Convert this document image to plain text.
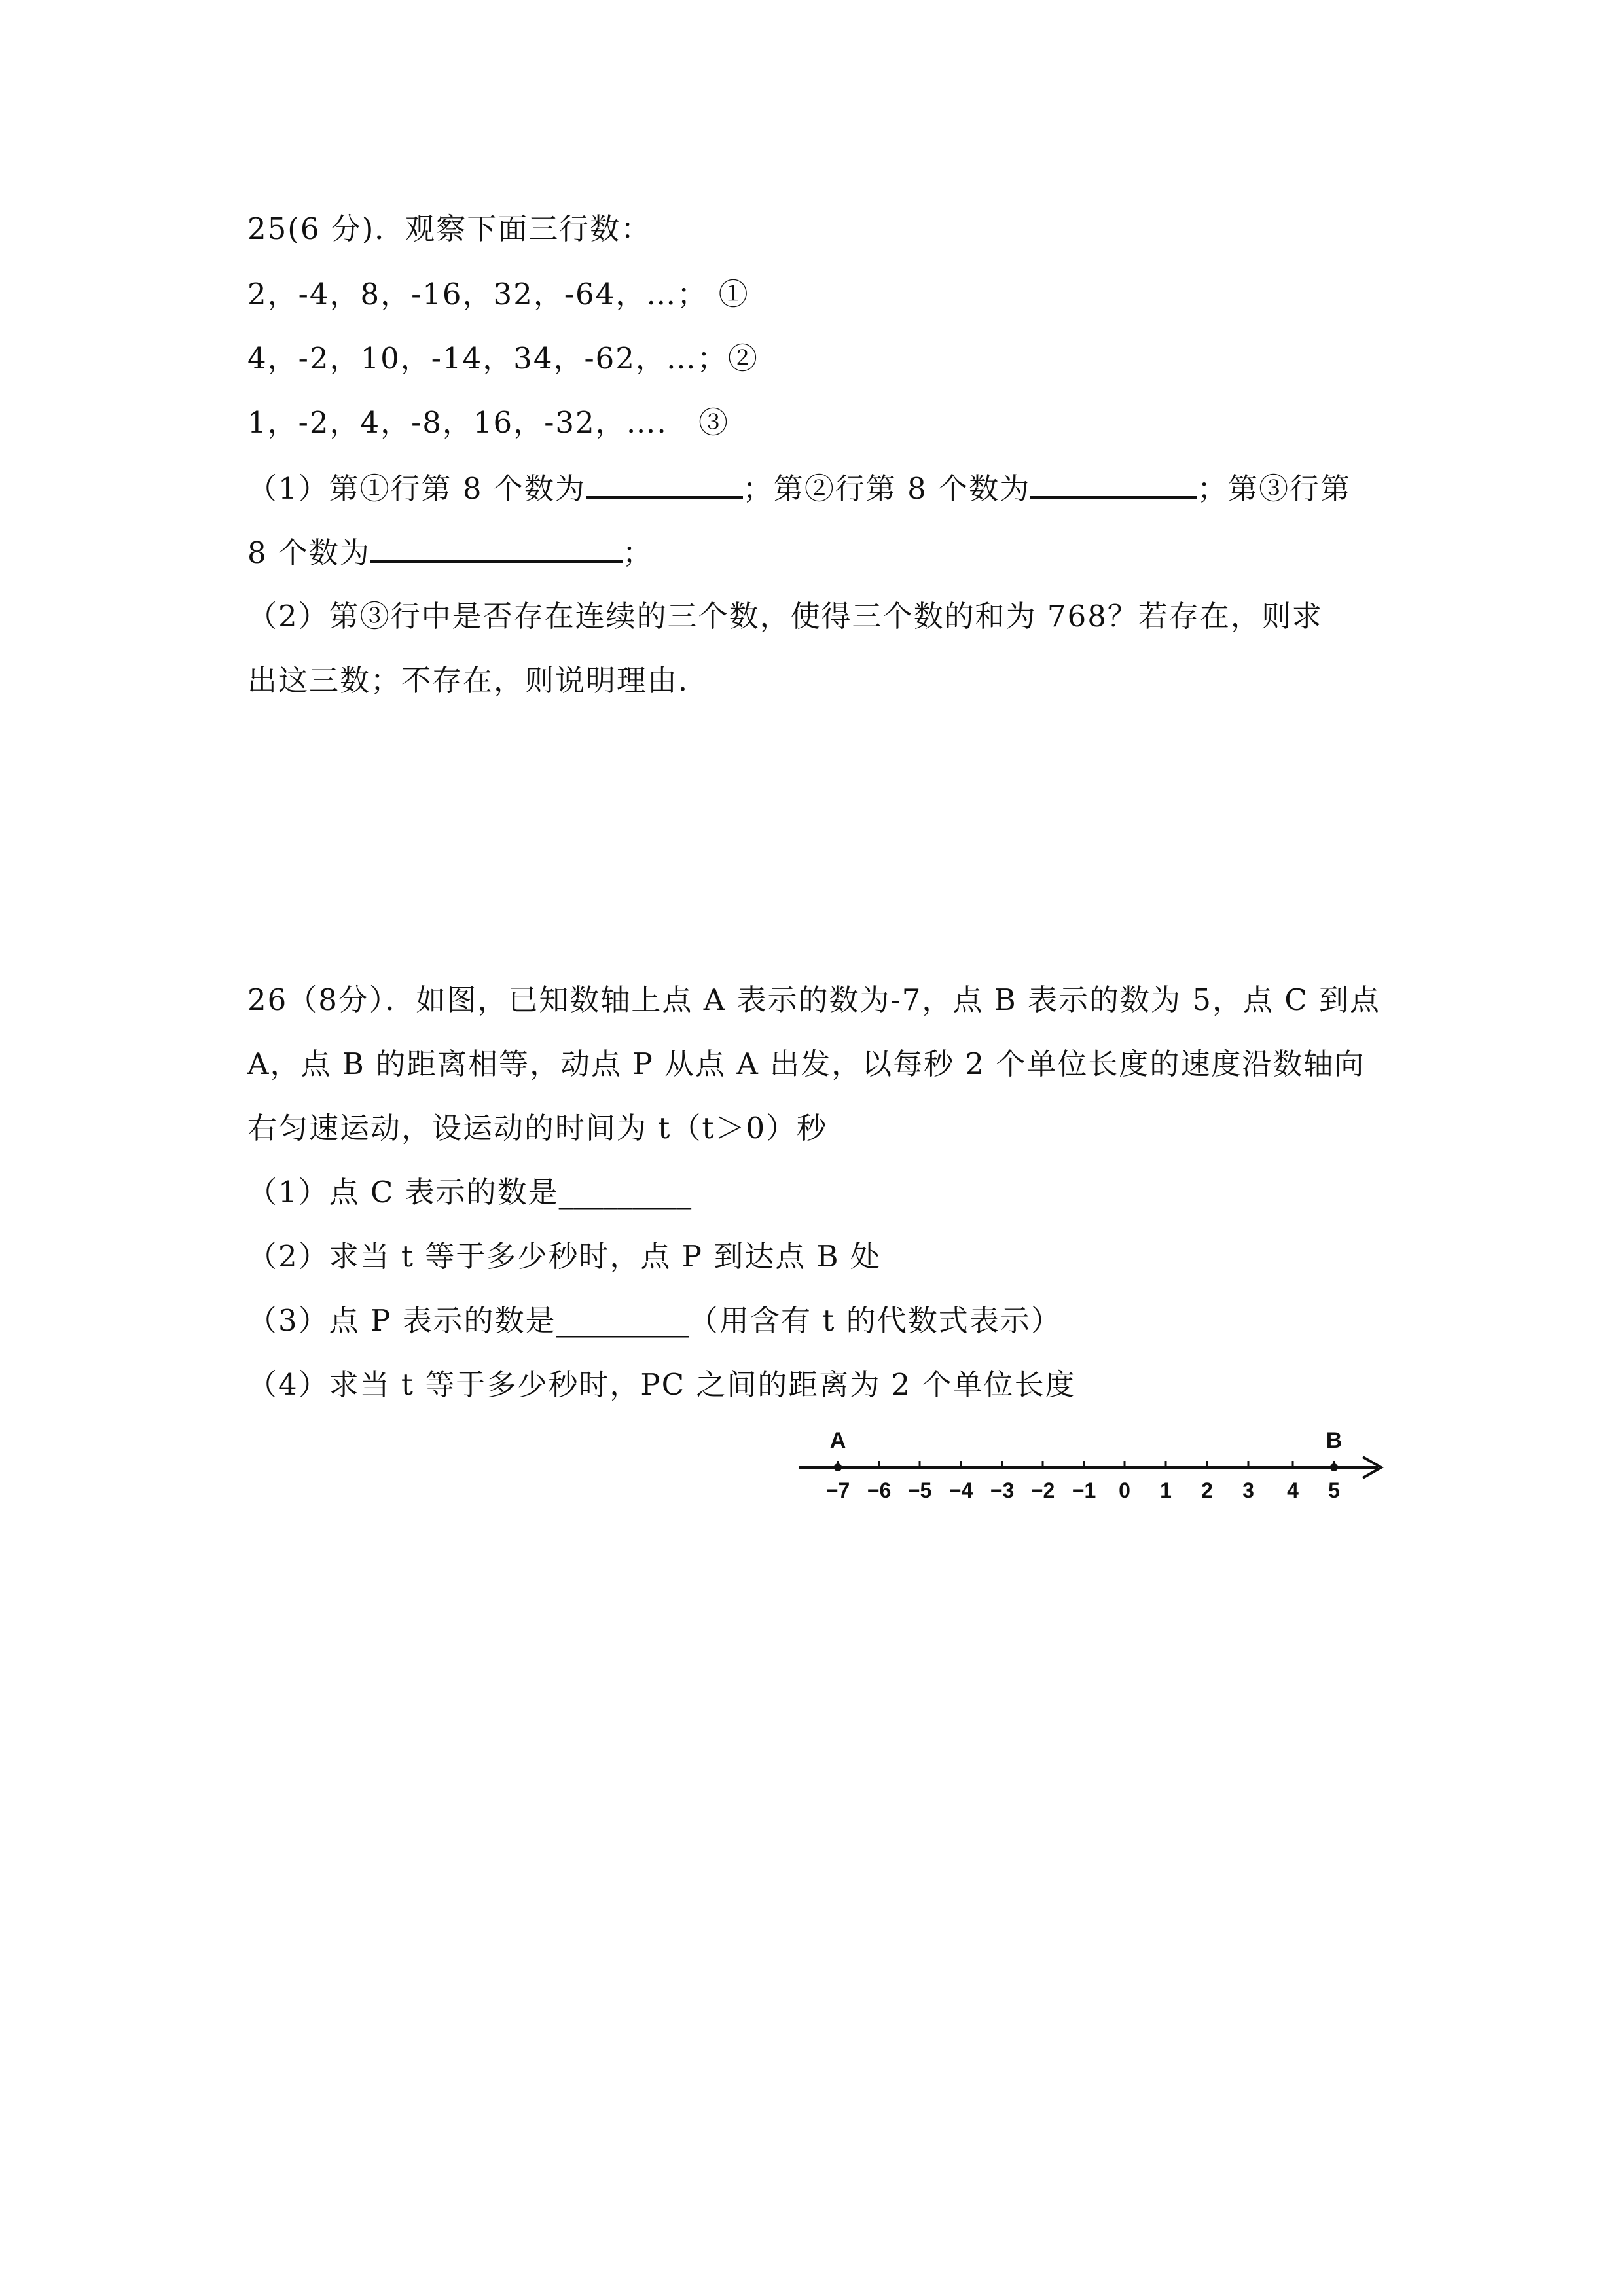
25(6 分)．观察下面三行数：
2，-4，8，-16，32，-64，…； ①
4，-2，10，-14，34，-62，…；②
1，-2，4，-8，16，-32，…． ③
（1）第①行第 8 个数为	；第②行第 8 个数为	；第③行第
8 个数为	；
（2）第③行中是否存在连续的三个数，使得三个数的和为 768？若存在，则求
出这三数；不存在，则说明理由．
26（8分）．如图，已知数轴上点 A 表示的数为-7，点 B 表示的数为 5，点 C 到点
A，点 B 的距离相等，动点 P 从点 A 出发，以每秒 2 个单位长度的速度沿数轴向
右匀速运动，设运动的时间为 t（t＞0）秒
（1）点 C 表示的数是_________
（2）求当 t 等于多少秒时，点 P 到达点 B 处
（3）点 P 表示的数是_________（用含有 t 的代数式表示）
（4）求当 t 等于多少秒时，PC 之间的距离为 2 个单位长度
−7 −6 −5 −4 −3 −2 −1 0 1 2 3 4 5
A	B
